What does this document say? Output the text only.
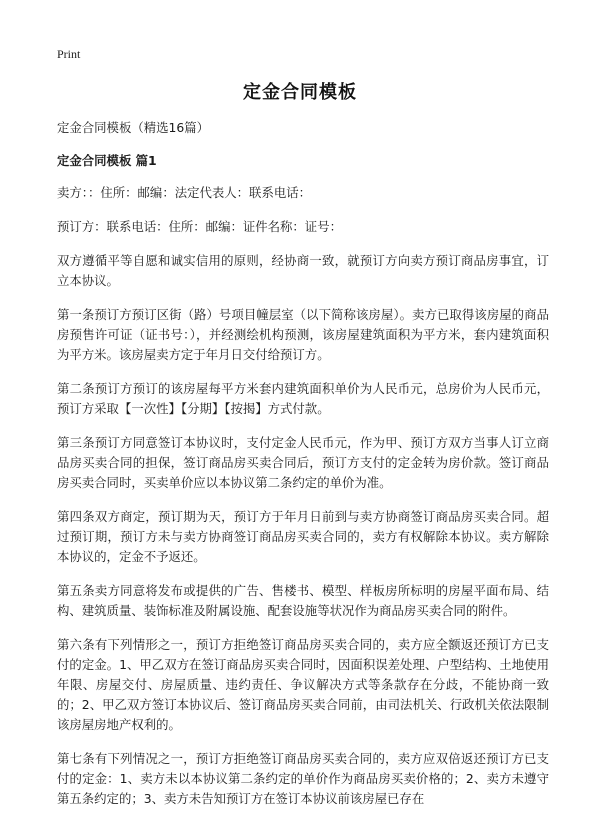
Print
定金合同模板

定金合同模板（精选16篇）

定金合同模板 篇1

卖方：：住所：邮编：法定代表人：联系电话：

预订方：联系电话：住所：邮编：证件名称：证号：

双方遵循平等自愿和诚实信用的原则，经协商一致，就预订方向卖方预订商品房事宜，订立本协议。

第一条预订方预订区街（路）号项目幢层室（以下简称该房屋）。卖方已取得该房屋的商品房预售许可证（证书号：），并经测绘机构预测，该房屋建筑面积为平方米，套内建筑面积为平方米。该房屋卖方定于年月日交付给预订方。

第二条预订方预订的该房屋每平方米套内建筑面积单价为人民币元，总房价为人民币元，预订方采取【一次性】【分期】【按揭】方式付款。

第三条预订方同意签订本协议时，支付定金人民币元，作为甲、预订方双方当事人订立商品房买卖合同的担保，签订商品房买卖合同后，预订方支付的定金转为房价款。签订商品房买卖合同时，买卖单价应以本协议第二条约定的单价为准。

第四条双方商定，预订期为天，预订方于年月日前到与卖方协商签订商品房买卖合同。超过预订期，预订方未与卖方协商签订商品房买卖合同的，卖方有权解除本协议。卖方解除本协议的，定金不予返还。

第五条卖方同意将发布或提供的广告、售楼书、模型、样板房所标明的房屋平面布局、结构、建筑质量、装饰标准及附属设施、配套设施等状况作为商品房买卖合同的附件。

第六条有下列情形之一，预订方拒绝签订商品房买卖合同的，卖方应全额返还预订方已支付的定金。1、甲乙双方在签订商品房买卖合同时，因面积误差处理、户型结构、土地使用年限、房屋交付、房屋质量、违约责任、争议解决方式等条款存在分歧，不能协商一致的；2、甲乙双方签订本协议后、签订商品房买卖合同前，由司法机关、行政机关依法限制该房屋房地产权利的。

第七条有下列情况之一，预订方拒绝签订商品房买卖合同的，卖方应双倍返还预订方已支付的定金：1、卖方未以本协议第二条约定的单价作为商品房买卖价格的；2、卖方未遵守第五条约定的；3、卖方未告知预订方在签订本协议前该房屋已存在
